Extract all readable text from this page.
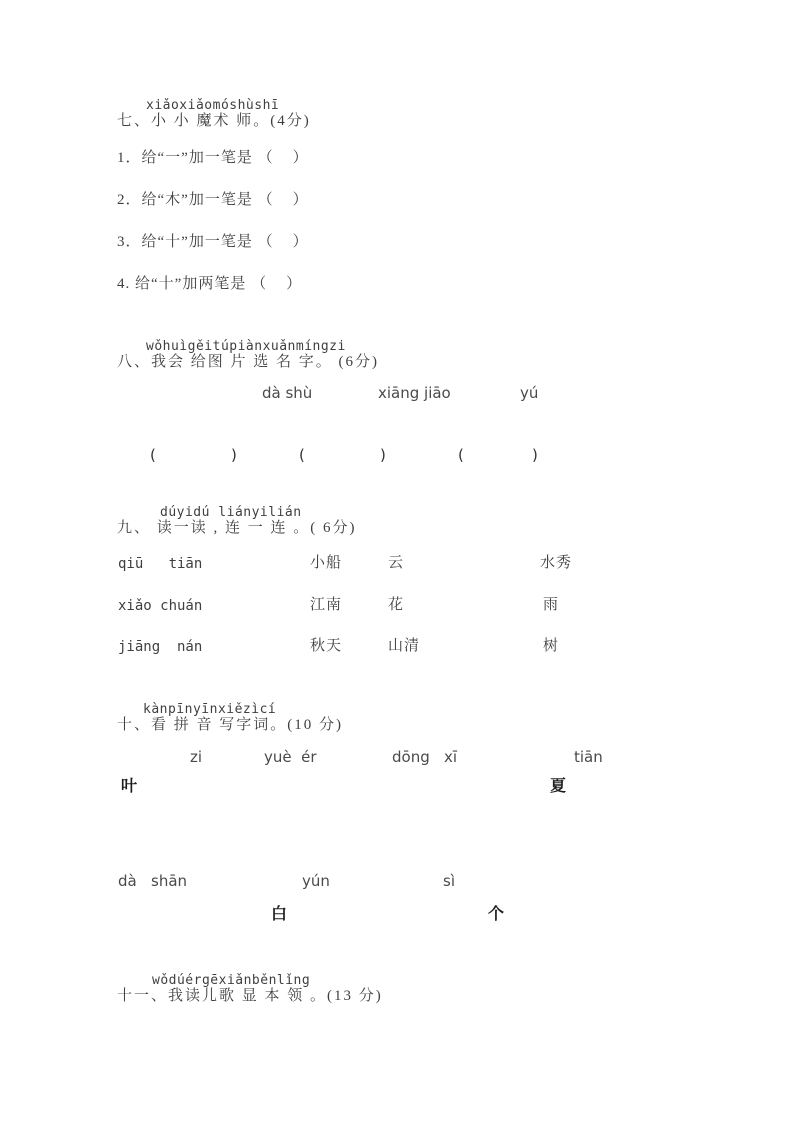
xiǎoxiǎomóshùshī
七、小 小 魔术 师。(4分)
1．给“一”加一笔是 （    ）
2．给“木”加一笔是 （    ）
3．给“十”加一笔是 （    ）
4. 给“十”加两笔是 （    ）
wǒhuìgěitúpiànxuǎnmíngzi
八、我会 给图 片 选 名 字。 (6分)
dà shù	xiāng jiāo	yú
(	)	(	)	(	)
dúyidú liányilián
九、 读一读 , 连 一 连 。( 6分)
qiū   tiān	小船	云	水秀
xiǎo chuán	江南	花	雨
jiāng  nán	秋天	山清	树
kànpīnyīnxiězìcí
十、看 拼 音 写字词。(10 分)
zi	yuè  ér	dōng   xī	tiān
叶	夏
dà   shān	yún	sì
白	个
wǒdúérgēxiǎnběnlǐng
十一、我读儿歌 显 本 领 。(13 分)
